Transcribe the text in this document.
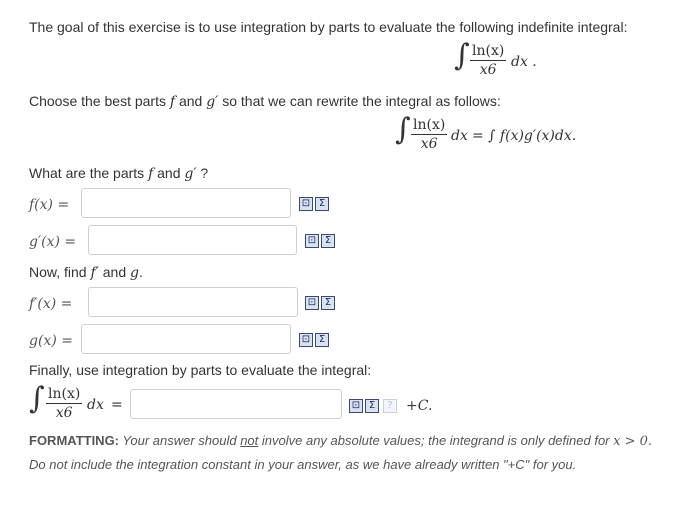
The goal of this exercise is to use integration by parts to evaluate the following indefinite integral:
∫ $\frac{\ln(x)}{x6}$ dx .
Choose the best parts f and g′ so that we can rewrite the integral as follows:
∫ $\frac{\ln(x)}{x6}$ dx = ∫ f(x)g′(x)dx.
What are the parts f and g′ ?
f(x) =	⊡ Σ
g′(x) =	⊡ Σ
Now, find f′ and g.
f′(x) =	⊡ Σ
g(x) =	⊡ Σ
Finally, use integration by parts to evaluate the integral:
∫ $\frac{\ln(x)}{x6}$ dx =	⊡ Σ	? +C.
FORMATTING: Your answer should not involve any absolute values; the integrand is only defined for x > 0.
Do not include the integration constant in your answer, as we have already written "+C" for you.
